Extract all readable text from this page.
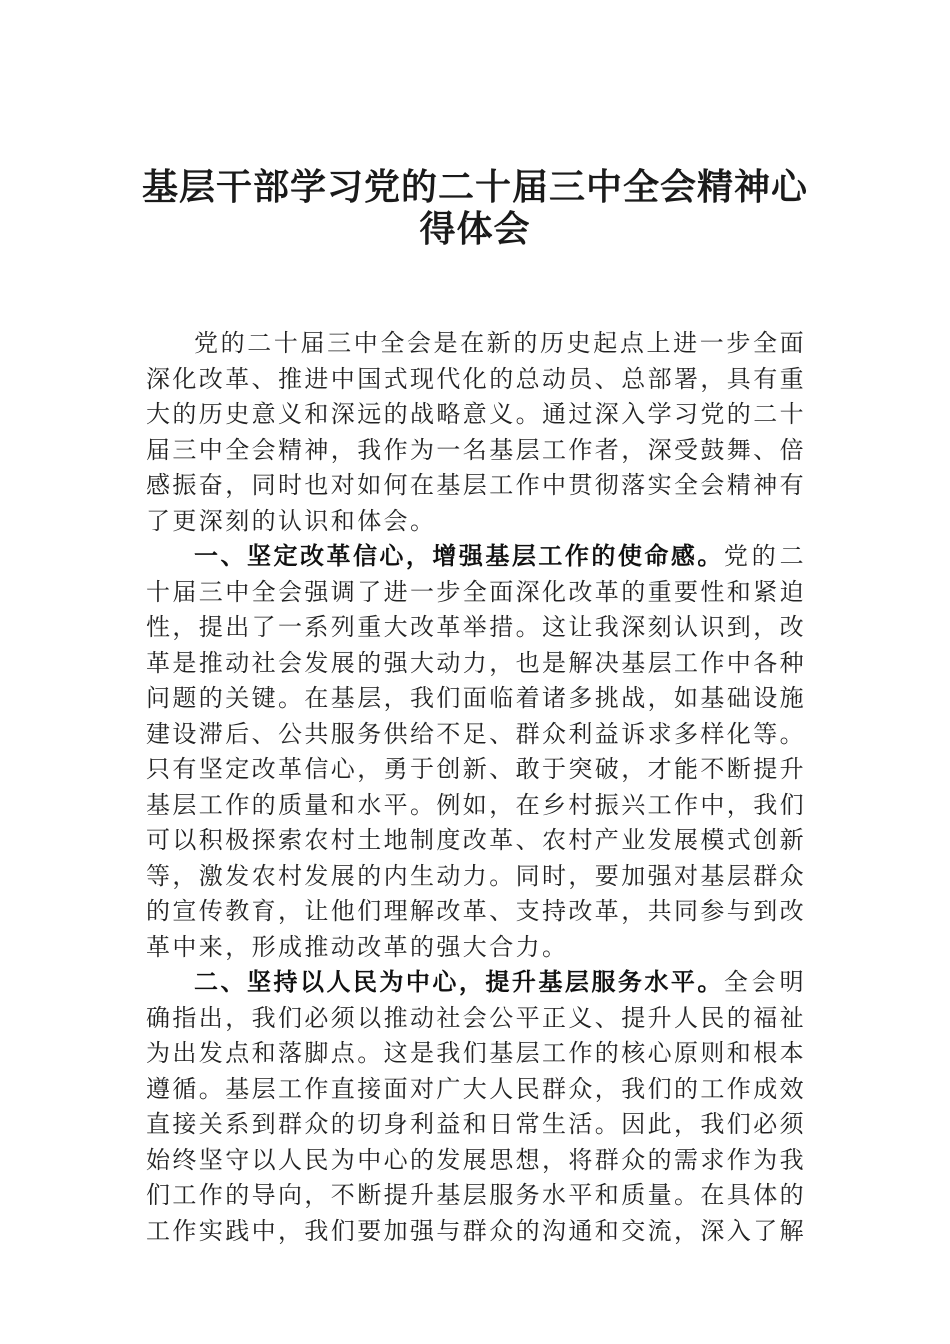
基层干部学习党的二十届三中全会精神心
得体会
党的二十届三中全会是在新的历史起点上进一步全面
深化改革、推进中国式现代化的总动员、总部署，具有重
大的历史意义和深远的战略意义。通过深入学习党的二十
届三中全会精神，我作为一名基层工作者，深受鼓舞、倍
感振奋，同时也对如何在基层工作中贯彻落实全会精神有
了更深刻的认识和体会。
一、坚定改革信心，增强基层工作的使命感。党的二
十届三中全会强调了进一步全面深化改革的重要性和紧迫
性，提出了一系列重大改革举措。这让我深刻认识到，改
革是推动社会发展的强大动力，也是解决基层工作中各种
问题的关键。在基层，我们面临着诸多挑战，如基础设施
建设滞后、公共服务供给不足、群众利益诉求多样化等。
只有坚定改革信心，勇于创新、敢于突破，才能不断提升
基层工作的质量和水平。例如，在乡村振兴工作中，我们
可以积极探索农村土地制度改革、农村产业发展模式创新
等，激发农村发展的内生动力。同时，要加强对基层群众
的宣传教育，让他们理解改革、支持改革，共同参与到改
革中来，形成推动改革的强大合力。
二、坚持以人民为中心，提升基层服务水平。全会明
确指出，我们必须以推动社会公平正义、提升人民的福祉
为出发点和落脚点。这是我们基层工作的核心原则和根本
遵循。基层工作直接面对广大人民群众，我们的工作成效
直接关系到群众的切身利益和日常生活。因此，我们必须
始终坚守以人民为中心的发展思想，将群众的需求作为我
们工作的导向，不断提升基层服务水平和质量。在具体的
工作实践中，我们要加强与群众的沟通和交流，深入了解
